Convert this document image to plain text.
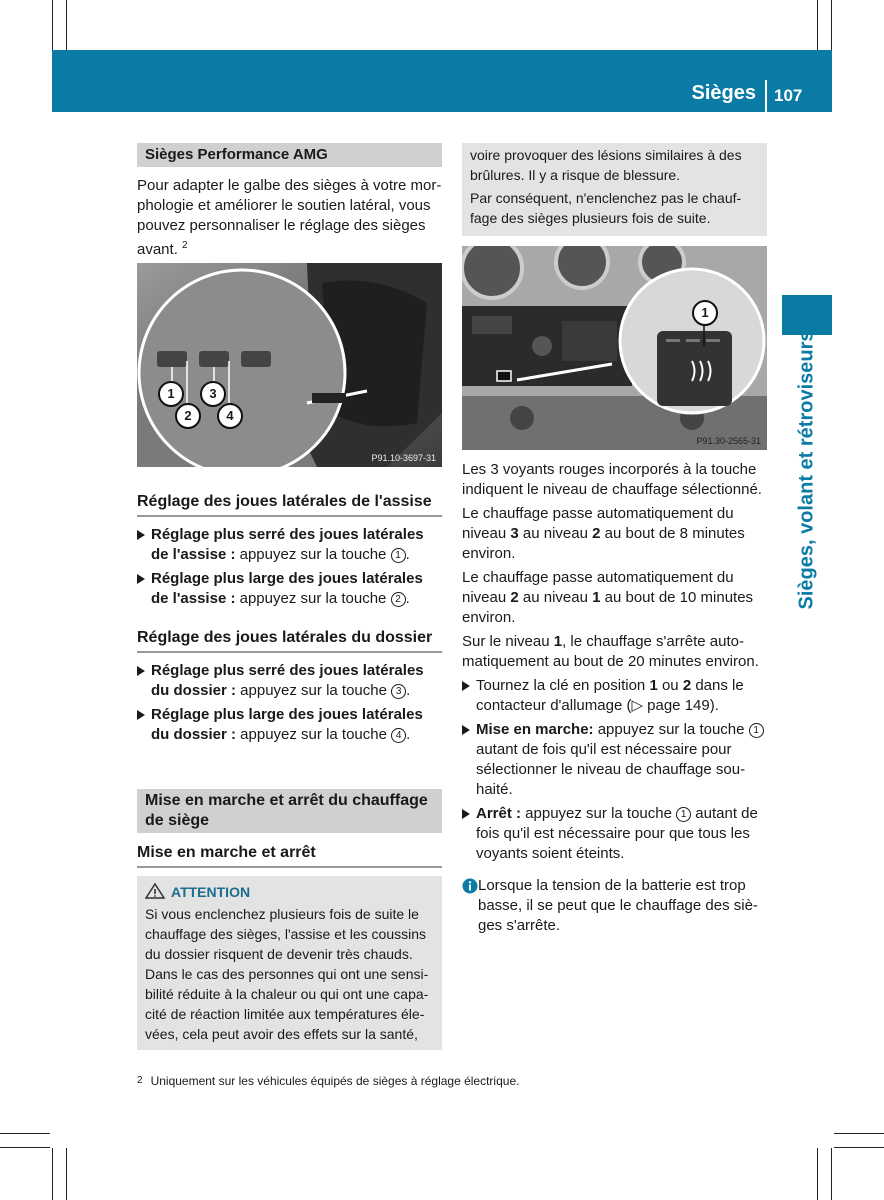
Sièges 107
Sièges, volant et rétroviseurs
Sièges Performance AMG
Pour adapter le galbe des sièges à votre morphologie et améliorer le soutien latéral, vous pouvez personnaliser le réglage des sièges avant. $^2$
1	3
2	4
P91.10-3697-31
Réglage des joues latérales de l'assise
Réglage plus serré des joues latérales de l'assise : appuyez sur la touche 1 .
Réglage plus large des joues latérales de l'assise : appuyez sur la touche 2 .
Réglage des joues latérales du dossier
Réglage plus serré des joues latérales du dossier : appuyez sur la touche 3 .
Réglage plus large des joues latérales du dossier : appuyez sur la touche 4 .
Mise en marche et arrêt du chauffage de siège
Mise en marche et arrêt
ATTENTION
Si vous enclenchez plusieurs fois de suite le chauffage des sièges, l'assise et les coussins du dossier risquent de devenir très chauds. Dans le cas des personnes qui ont une sensibilité réduite à la chaleur ou qui ont une capacité de réaction limitée aux températures élevées, cela peut avoir des effets sur la santé,
voire provoquer des lésions similaires à des brûlures. Il y a risque de blessure.
Par conséquent, n'enclenchez pas le chauffage des sièges plusieurs fois de suite.
1
P91.30-2565-31
Les 3 voyants rouges incorporés à la touche indiquent le niveau de chauffage sélectionné.
Le chauffage passe automatiquement du niveau 3 au niveau 2 au bout de 8 minutes environ.
Le chauffage passe automatiquement du niveau 2 au niveau 1 au bout de 10 minutes environ.
Sur le niveau 1, le chauffage s'arrête automatiquement au bout de 20 minutes environ.
Tournez la clé en position 1 ou 2 dans le contacteur d'allumage (▷ page 149).
Mise en marche: appuyez sur la touche 1 autant de fois qu'il est nécessaire pour sélectionner le niveau de chauffage souhaité.
Arrêt : appuyez sur la touche 1 autant de fois qu'il est nécessaire pour que tous les voyants soient éteints.
Lorsque la tension de la batterie est trop basse, il se peut que le chauffage des sièges s'arrête.
2 Uniquement sur les véhicules équipés de sièges à réglage électrique.
